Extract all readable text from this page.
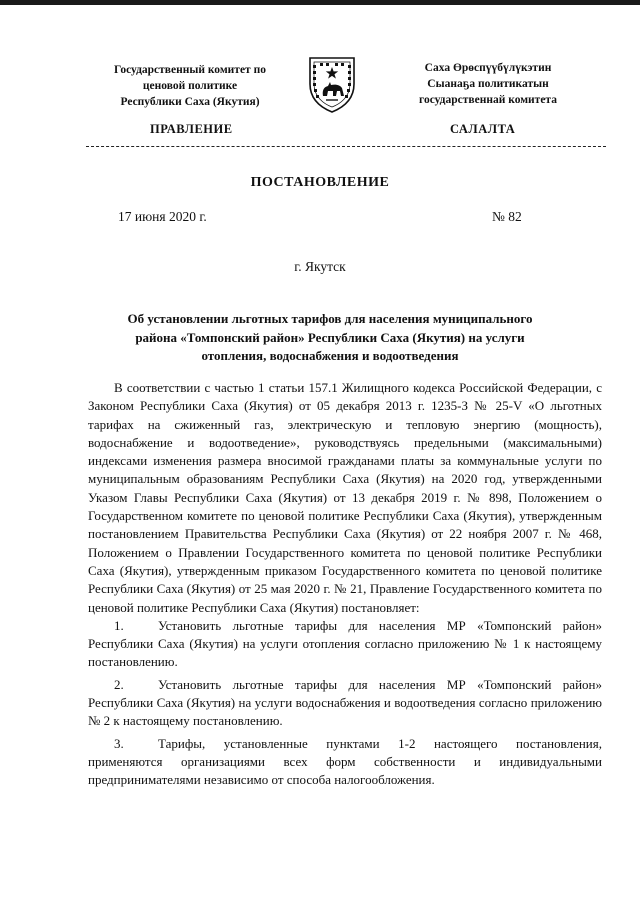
Государственный комитет по
ценовой политике
Республики Саха (Якутия)
Саха Өрөспүүбүлүкэтин
Сыанаҕа политикатын
государственнай комитета
ПРАВЛЕНИЕ	САЛАЛТА
ПОСТАНОВЛЕНИЕ
17 июня 2020 г.	№ 82
г. Якутск
Об установлении льготных тарифов для населения муниципального
района «Томпонский район» Республики Саха (Якутия) на услуги
отопления, водоснабжения и водоотведения

В соответствии с частью 1 статьи 157.1 Жилищного кодекса Российской Федерации, с Законом Республики Саха (Якутия) от 05 декабря 2013 г. 1235-З № 25-V «О льготных тарифах на сжиженный газ, электрическую и тепловую энергию (мощность), водоснабжение и водоотведение», руководствуясь предельными (максимальными) индексами изменения размера вносимой гражданами платы за коммунальные услуги по муниципальным образованиям Республики Саха (Якутия) на 2020 год, утвержденными Указом Главы Республики Саха (Якутия) от 13 декабря 2019 г. № 898, Положением о Государственном комитете по ценовой политике Республики Саха (Якутия), утвержденным постановлением Правительства Республики Саха (Якутия) от 22 ноября 2007 г. № 468, Положением о Правлении Государственного комитета по ценовой политике Республики Саха (Якутия), утвержденным приказом Государственного комитета по ценовой политике Республики Саха (Якутия) от 25 мая 2020 г. № 21, Правление Государственного комитета по ценовой политике Республики Саха (Якутия) постановляет:

1.	Установить льготные тарифы для населения МР «Томпонский район» Республики Саха (Якутия) на услуги отопления согласно приложению № 1 к настоящему постановлению.

2.	Установить льготные тарифы для населения МР «Томпонский район» Республики Саха (Якутия) на услуги водоснабжения и водоотведения согласно приложению № 2 к настоящему постановлению.

3.	Тарифы, установленные пунктами 1-2 настоящего постановления, применяются организациями всех форм собственности и индивидуальными предпринимателями независимо от способа налогообложения.
